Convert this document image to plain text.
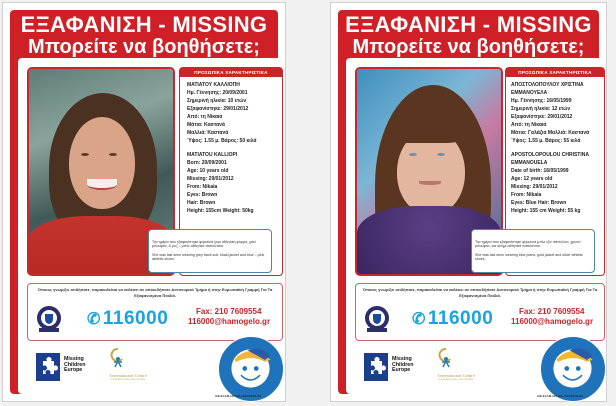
ΕΞΑΦΑΝΙΣΗ - MISSING
Μπορείτε να βοηθήσετε;
ΠΡΟΣΩΠΙΚΑ ΧΑΡΑΚΤΗΡΙΣΤΙΚΑ
ΜΑΤΙΑΤΟΥ ΚΑΛΛΙΟΠΗ
Ημ. Γέννησης: 20/09/2001
Σημερινή ηλικία: 10 ετών
Εξαφανίστηκε: 29/01/2012
Από: τη Νίκαια
Μάτια: Καστανά
Μαλλιά: Καστανά
Ύψος: 1.55 μ. Βάρος: 50 κιλά
MATIATOU KALLIOPI
Born: 20/09/2001
Age: 10 years old
Missing: 29/01/2012
From: Nikaia
Eyes: Brown
Hair: Brown
Height: 155cm Weight: 50kg

Την ημέρα που εξαφανίστηκε φορούσε γκρι αθλητική φόρμα, χακί μπουφάν, & ροζ – μπλε αθλητικά παπούτσια.

She was last seen wearing grey track suit, khaki jacket and blue – pink athletic shoes.

Όποιος γνωρίζει οτιδήποτε, παρακαλείται να καλέσει σε οποιοδήποτε Αστυνομικό Τμήμα ή στην Ευρωπαϊκή Γραμμή Για Τα Εξαφανισμένα Παιδιά.
✆ 116000	Fax: 210 7609554
116000@hamogelo.gr
Missing Children Europe
International Centre
FOR MISSING & EXPLOITED CHILDREN
ΑΦ.ΕΞΑΦ./ΑΡ.ΑΝ./133/31/01/12
ΕΞΑΦΑΝΙΣΗ - MISSING
Μπορείτε να βοηθήσετε;
ΠΡΟΣΩΠΙΚΑ ΧΑΡΑΚΤΗΡΙΣΤΙΚΑ
ΑΠΟΣΤΟΛΟΠΟΥΛΟΥ ΧΡΙΣΤΙΝΑ
ΕΜΜΑΝΟΥΕΛΑ
Ημ. Γέννησης: 16/05/1999
Σημερινή ηλικία: 12 ετών
Εξαφανίστηκε: 29/01/2012
Από: τη Νίκαια
Μάτια: Γαλάζια Μαλλιά: Καστανά
Ύψος: 1.55 μ. Βάρος: 55 κιλά
APOSTOLOPOULOU CHRISTINA
EMMANOUELA
Date of birth: 16/05/1999
Age: 12 years old
Missing: 29/01/2012
From: Nikaia
Eyes: Blue Hair: Brown
Height: 155 cm Weight: 55 kg

Την ημέρα που εξαφανίστηκε φορούσε μπλε τζιν παντελόνι, χρυσό μπουφάν, και ασημί αθλητικά παπούτσια.

She was last seen wearing blue jeans, gold jacket and silver athletic shoes.

Όποιος γνωρίζει οτιδήποτε, παρακαλείται να καλέσει σε οποιοδήποτε Αστυνομικό Τμήμα ή στην Ευρωπαϊκή Γραμμή Για Τα Εξαφανισμένα Παιδιά.
✆ 116000	Fax: 210 7609554
116000@hamogelo.gr
Missing Children Europe
International Centre
FOR MISSING & EXPLOITED CHILDREN
ΑΦ.ΕΞΑΦ./ΑΡ.ΑΝ./134/31/01/12
